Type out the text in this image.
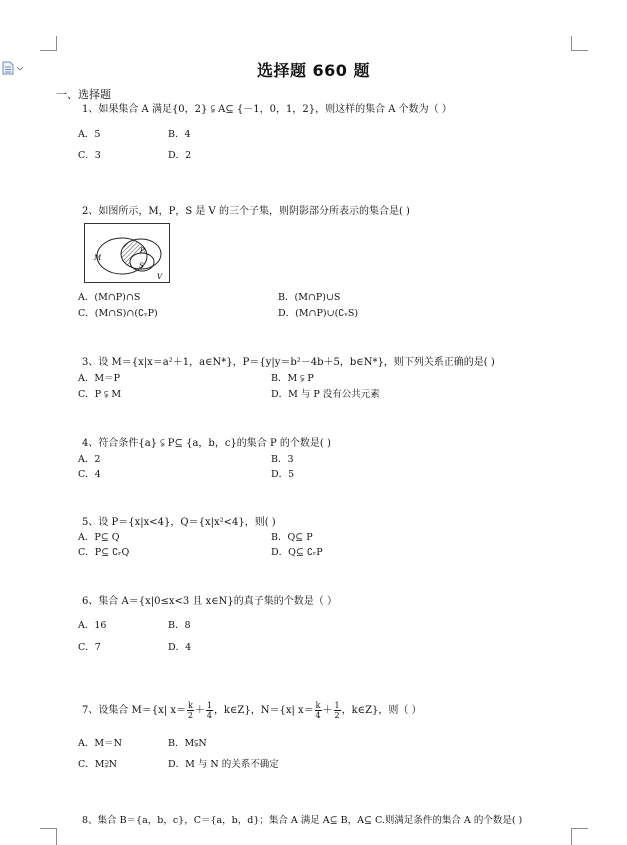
选择题 660 题
一、选择题
1、如果集合 A 满足{0，2} ⫋ A⊆ {－1，0，1，2}，则这样的集合 A 个数为（ ）
A．5	B．4
C．3	D．2
2、如图所示，M，P，S 是 V 的三个子集，则阴影部分所表示的集合是( )
M
P
S
V
A．(M∩P)∩S	B．(M∩P)∪S
C．(M∩S)∩(∁ᵥP)	D．(M∩P)∪(∁ᵥS)
3、设 M＝{x|x＝a²＋1，a∈N*}，P＝{y|y＝b²－4b＋5，b∈N*}，则下列关系正确的是( )
A．M＝P	B．M ⫋ P
C．P ⫋ M	D．M 与 P 没有公共元素
4、符合条件{a} ⫋ P⊆ {a，b，c}的集合 P 的个数是( )
A．2	B．3
C．4	D．5
5、设 P＝{x|x<4}，Q＝{x|x²<4}，则( )
A．P⊆ Q	B．Q⊆ P
C．P⊆ ∁ᵣQ	D．Q⊆ ∁ᵣP
6、集合 A＝{x|0≤x<3 且 x∈N}的真子集的个数是（ ）
A．16	B．8
C．7	D．4
7、设集合 M＝{x| $x= \frac{k}{2} + \frac{1}{4}$ ，k∈Z}，N＝{x| $x= \frac{k}{4} + \frac{1}{2}$ ，k∈Z}，则（ ）
A．M＝N	B．M⫋N
C．M⫌N	D．M 与 N 的关系不确定
8、集合 B＝{a，b，c}，C＝{a，b，d}；集合 A 满足 A⊆ B，A⊆ C.则满足条件的集合 A 的个数是( )
